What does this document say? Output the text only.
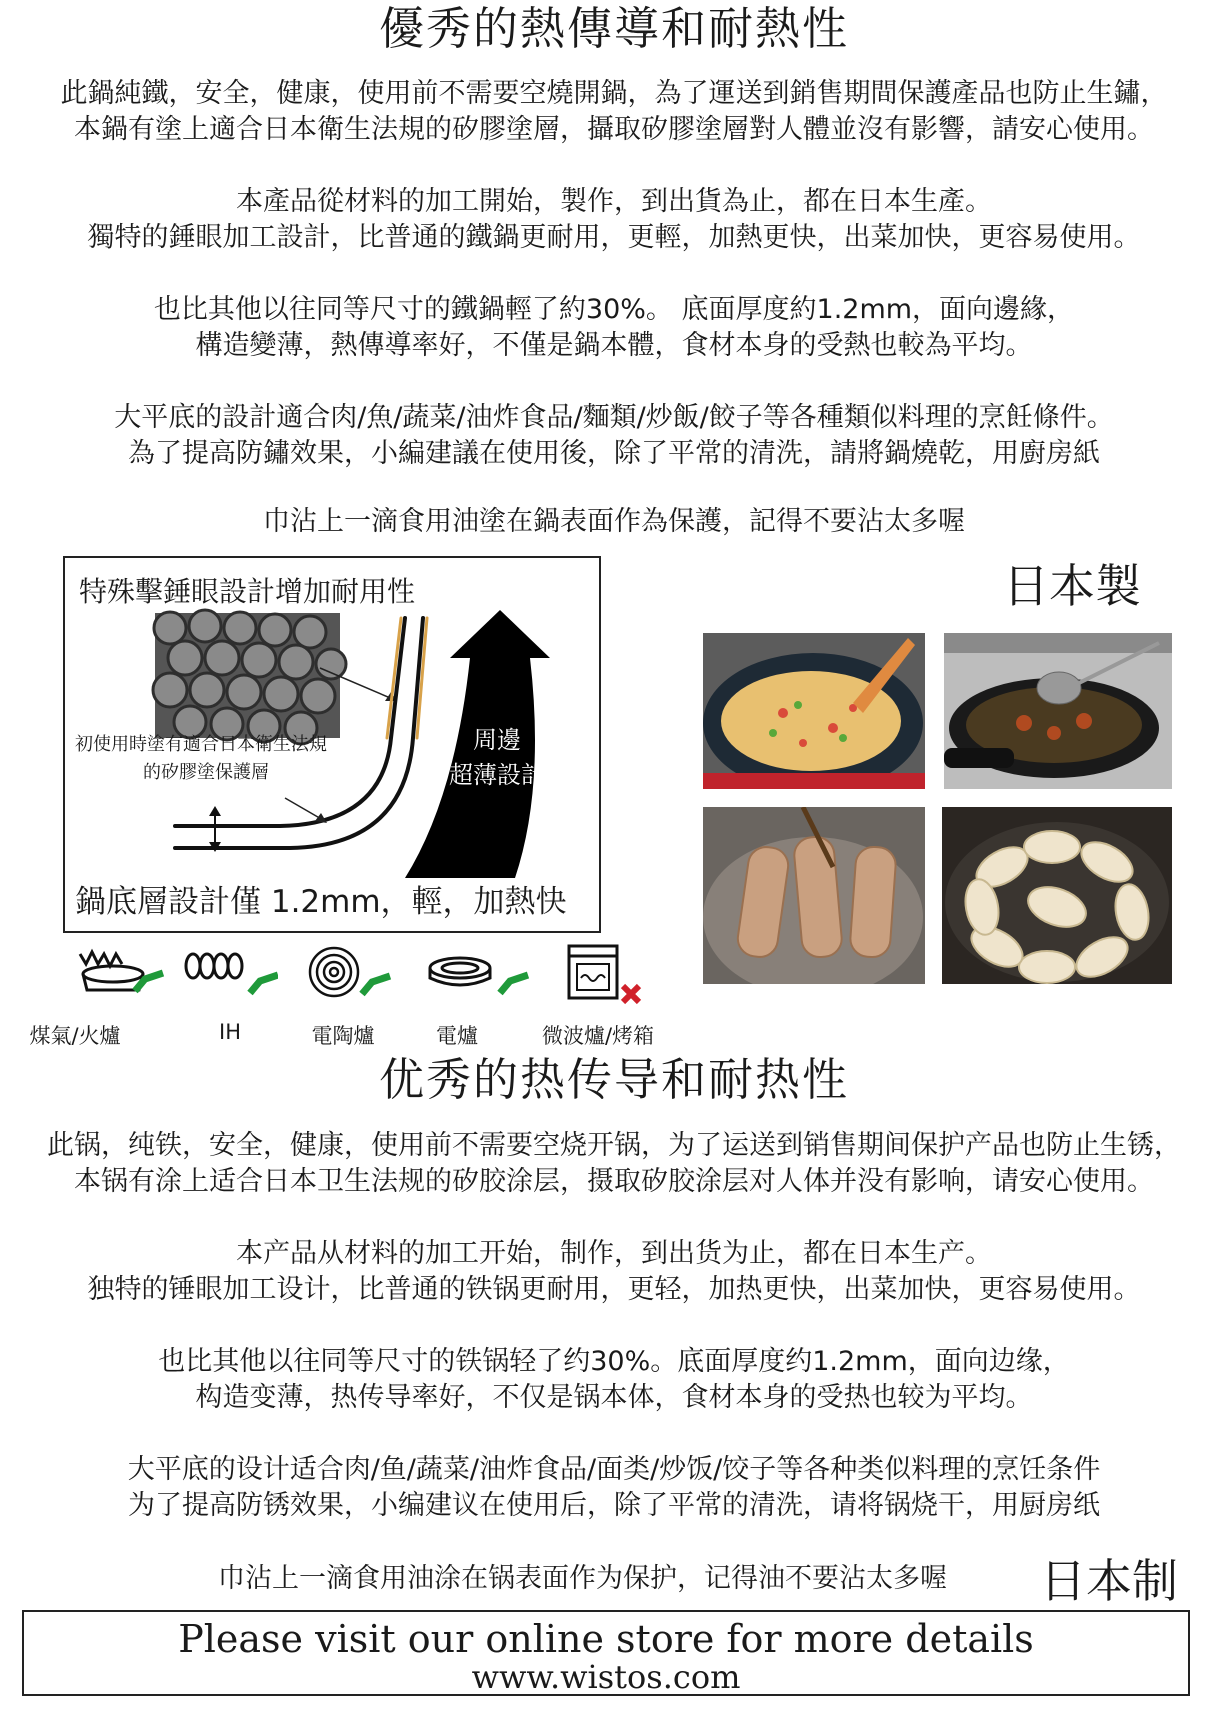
優秀的熱傳導和耐熱性
此鍋純鐵，安全，健康，使用前不需要空燒開鍋，為了運送到銷售期間保護產品也防止生鏽，
本鍋有塗上適合日本衛生法規的矽膠塗層，攝取矽膠塗層對人體並沒有影響，請安心使用。
本產品從材料的加工開始，製作，到出貨為止，都在日本生產。
獨特的錘眼加工設計，比普通的鐵鍋更耐用，更輕，加熱更快，出菜加快，更容易使用。
也比其他以往同等尺寸的鐵鍋輕了約30%。 底面厚度約1.2mm，面向邊緣，
構造變薄，熱傳導率好，不僅是鍋本體，食材本身的受熱也較為平均。
大平底的設計適合肉/魚/蔬菜/油炸食品/麵類/炒飯/餃子等各種類似料理的烹飪條件。
為了提高防鏽效果，小編建議在使用後，除了平常的清洗，請將鍋燒乾，用廚房紙
巾沾上一滴食用油塗在鍋表面作為保護，記得不要沾太多喔
日本製
特殊擊錘眼設計增加耐用性
初使用時塗有適合日本衛生法規
的矽膠塗保護層
周邊
超薄設計
鍋底層設計僅 1.2mm，輕，加熱快
煤氣/火爐	IH	電陶爐	電爐	微波爐/烤箱
优秀的热传导和耐热性
此锅，纯铁，安全，健康，使用前不需要空烧开锅，为了运送到销售期间保护产品也防止生锈，
本锅有涂上适合日本卫生法规的矽胶涂层，摄取矽胶涂层对人体并没有影响，请安心使用。
本产品从材料的加工开始，制作，到出货为止，都在日本生产。
独特的锤眼加工设计，比普通的铁锅更耐用，更轻，加热更快，出菜加快，更容易使用。
也比其他以往同等尺寸的铁锅轻了约30%。底面厚度约1.2mm，面向边缘，
构造变薄，热传导率好，不仅是锅本体，食材本身的受热也较为平均。
大平底的设计适合肉/鱼/蔬菜/油炸食品/面类/炒饭/饺子等各种类似料理的烹饪条件
为了提高防锈效果，小编建议在使用后，除了平常的清洗，请将锅烧干，用厨房纸
巾沾上一滴食用油涂在锅表面作为保护，记得油不要沾太多喔 日本制
Please visit our online store for more details
www.wistos.com
